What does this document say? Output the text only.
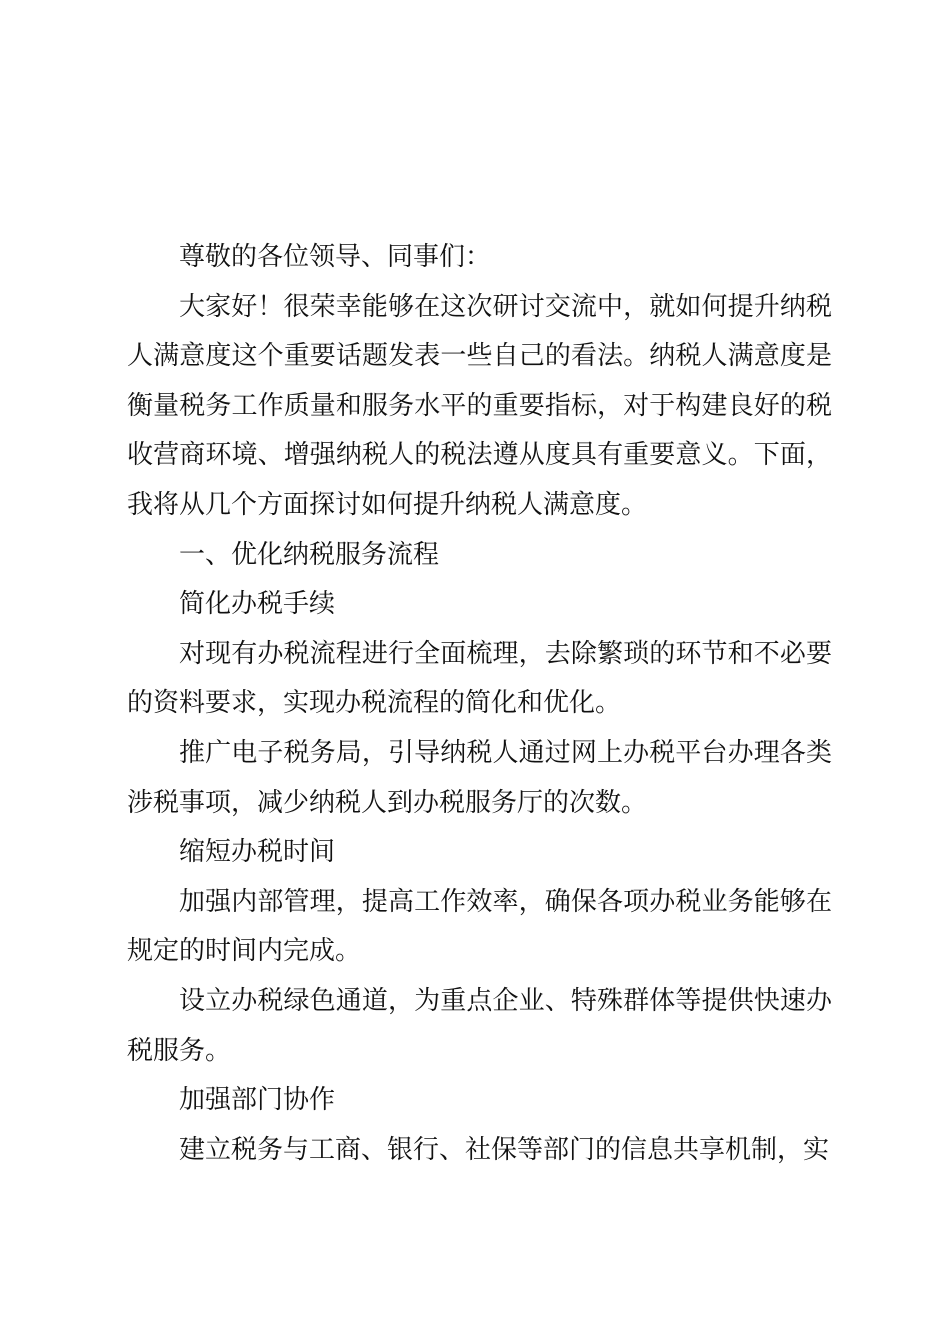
尊敬的各位领导、同事们：

大家好！很荣幸能够在这次研讨交流中，就如何提升纳税人满意度这个重要话题发表一些自己的看法。纳税人满意度是衡量税务工作质量和服务水平的重要指标，对于构建良好的税收营商环境、增强纳税人的税法遵从度具有重要意义。下面，我将从几个方面探讨如何提升纳税人满意度。

一、优化纳税服务流程

简化办税手续

对现有办税流程进行全面梳理，去除繁琐的环节和不必要的资料要求，实现办税流程的简化和优化。

推广电子税务局，引导纳税人通过网上办税平台办理各类涉税事项，减少纳税人到办税服务厅的次数。

缩短办税时间

加强内部管理，提高工作效率，确保各项办税业务能够在规定的时间内完成。

设立办税绿色通道，为重点企业、特殊群体等提供快速办税服务。

加强部门协作

建立税务与工商、银行、社保等部门的信息共享机制，实
